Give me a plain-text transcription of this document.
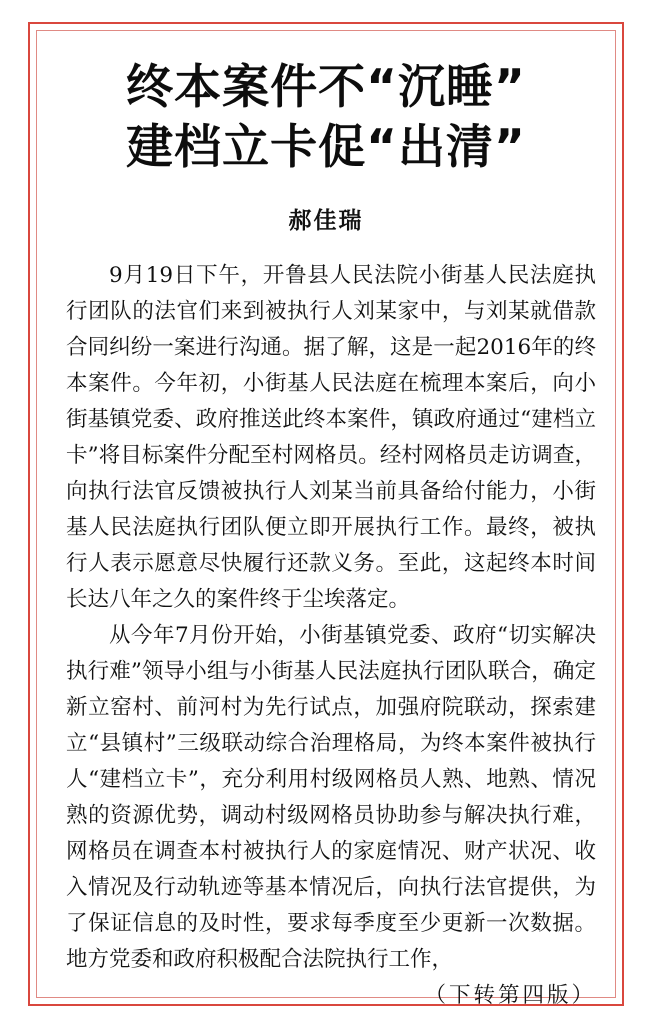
终本案件不“沉睡”
建档立卡促“出清”
郝佳瑞

9月19日下午，开鲁县人民法院小街基人民法庭执行团队的法官们来到被执行人刘某家中，与刘某就借款合同纠纷一案进行沟通。据了解，这是一起2016年的终本案件。今年初，小街基人民法庭在梳理本案后，向小街基镇党委、政府推送此终本案件，镇政府通过“建档立卡”将目标案件分配至村网格员。经村网格员走访调查，向执行法官反馈被执行人刘某当前具备给付能力，小街基人民法庭执行团队便立即开展执行工作。最终，被执行人表示愿意尽快履行还款义务。至此，这起终本时间长达八年之久的案件终于尘埃落定。

从今年7月份开始，小街基镇党委、政府“切实解决执行难”领导小组与小街基人民法庭执行团队联合，确定新立窑村、前河村为先行试点，加强府院联动，探索建立“县镇村”三级联动综合治理格局，为终本案件被执行人“建档立卡”，充分利用村级网格员人熟、地熟、情况熟的资源优势，调动村级网格员协助参与解决执行难，网格员在调查本村被执行人的家庭情况、财产状况、收入情况及行动轨迹等基本情况后，向执行法官提供，为了保证信息的及时性，要求每季度至少更新一次数据。地方党委和政府积极配合法院执行工作，
（下转第四版）
